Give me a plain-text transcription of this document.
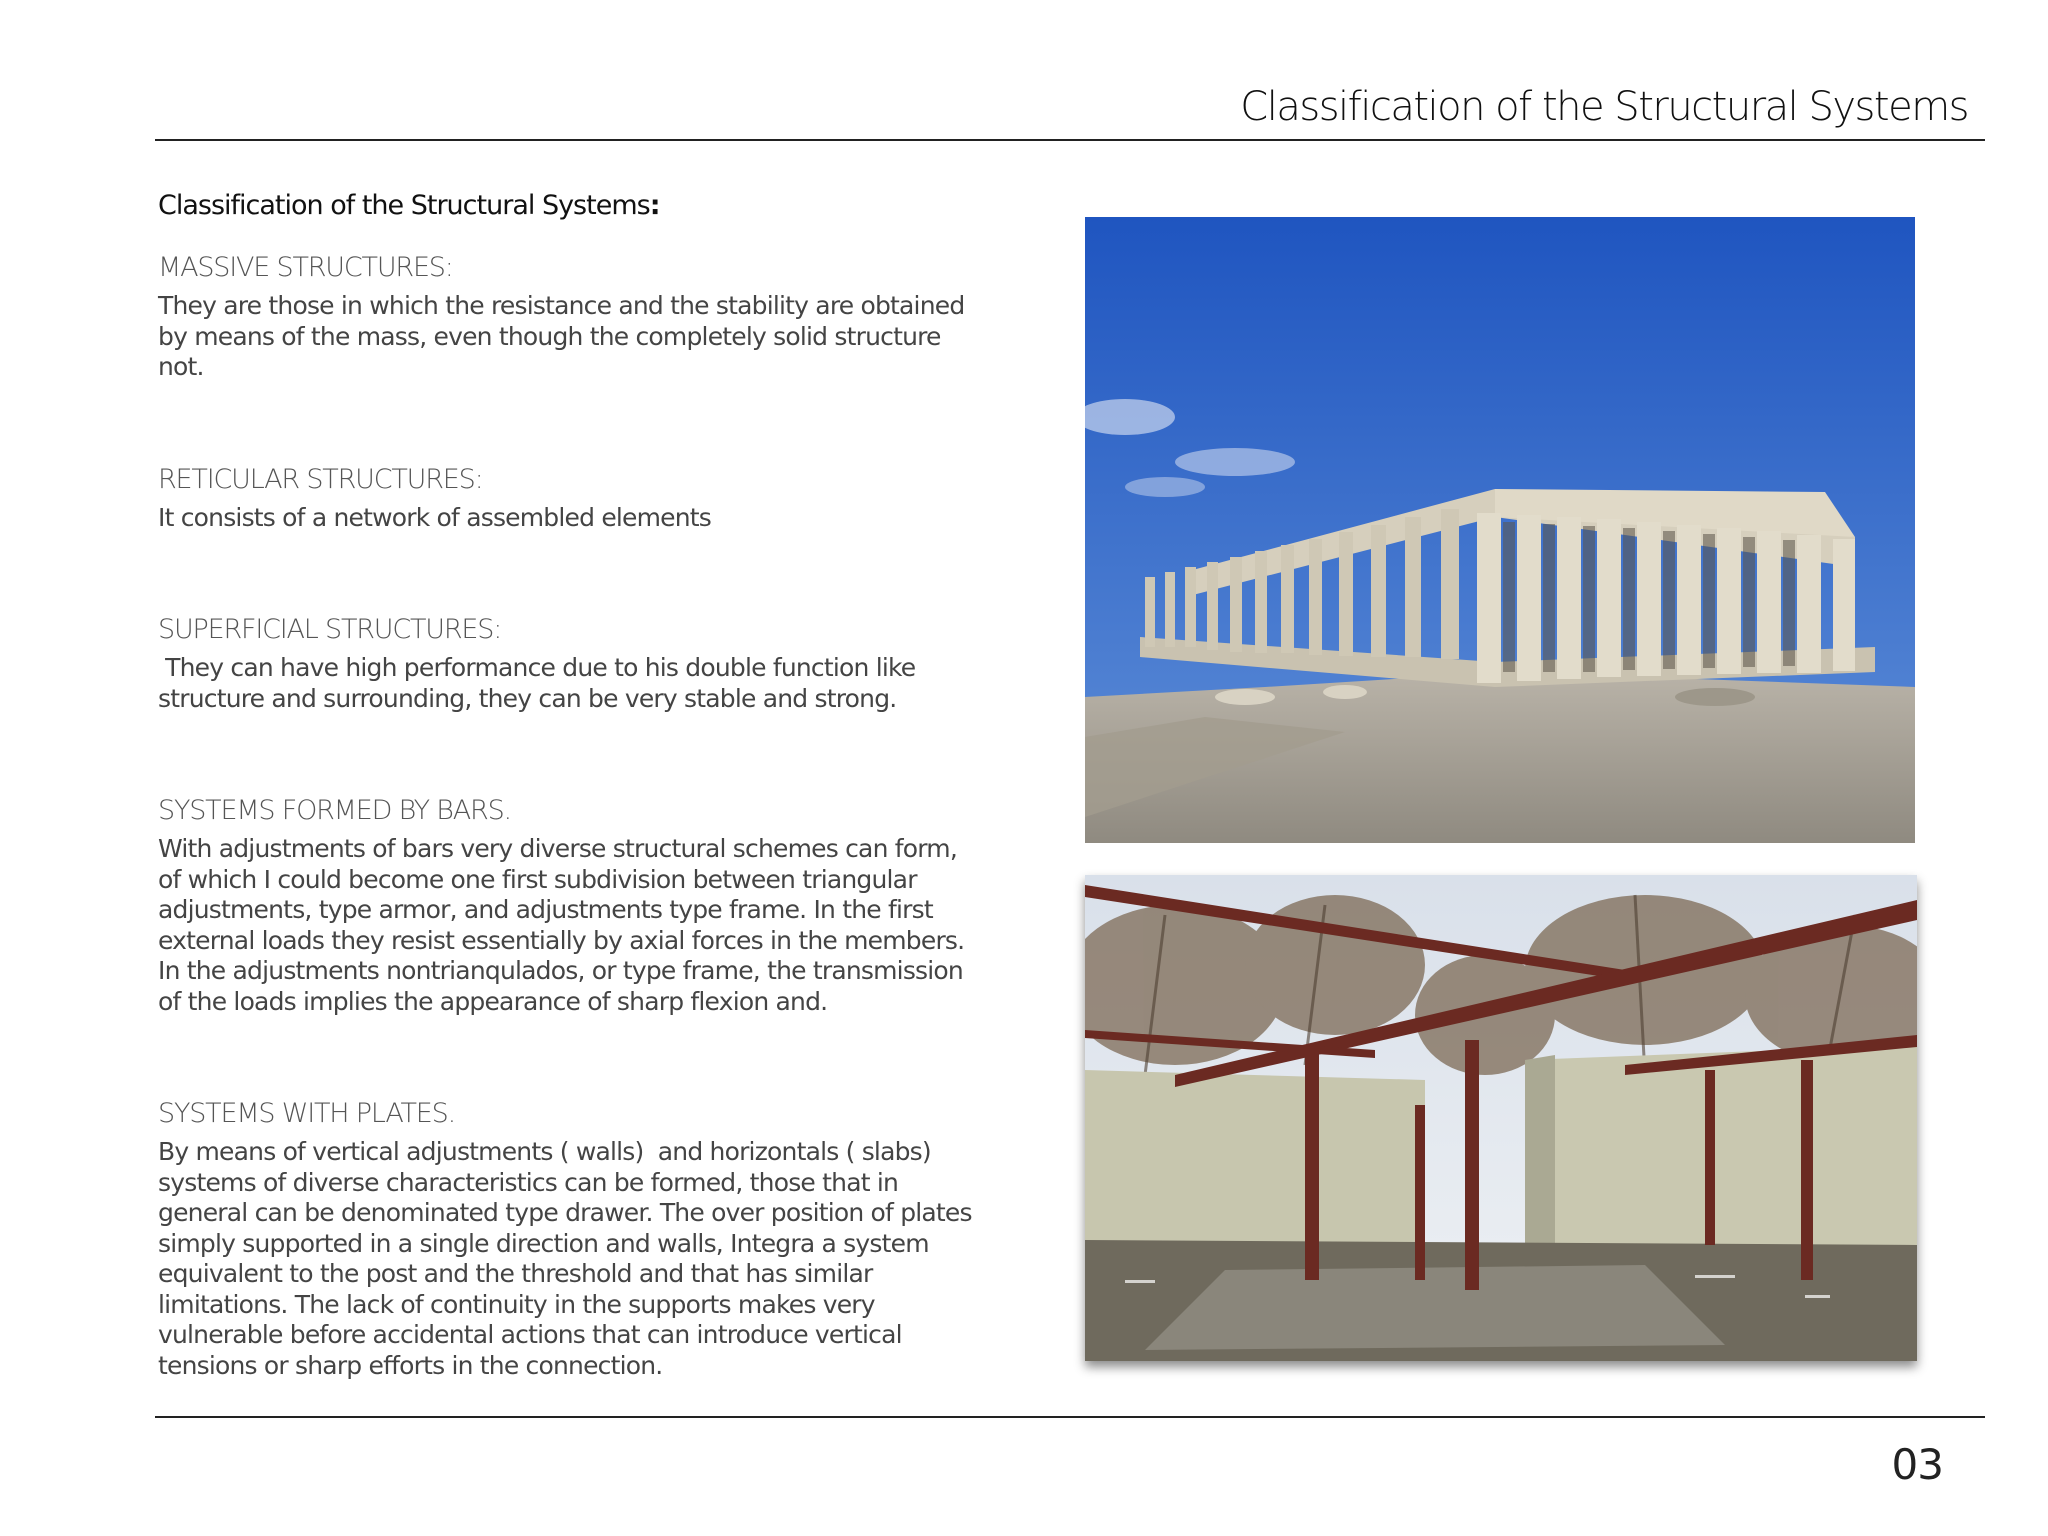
Classification of the Structural Systems
Classification of the Structural Systems:
MASSIVE STRUCTURES:

They are those in which the resistance and the stability are obtained by means of the mass, even though the completely solid structure not.

RETICULAR STRUCTURES:

It consists of a network of assembled elements

SUPERFICIAL STRUCTURES:

They can have high performance due to his double function like structure and surrounding, they can be very stable and strong.

SYSTEMS FORMED BY BARS.

With adjustments of bars very diverse structural schemes can form, of which I could become one first subdivision between triangular adjustments, type armor, and adjustments type frame. In the first external loads they resist essentially by axial forces in the members. In the adjustments nontrianqulados, or type frame, the transmission of the loads implies the appearance of sharp flexion and.

SYSTEMS WITH PLATES.

By means of vertical adjustments ( walls)  and horizontals ( slabs) systems of diverse characteristics can be formed, those that in general can be denominated type drawer. The over position of plates simply supported in a single direction and walls, Integra a system equivalent to the post and the threshold and that has similar limitations. The lack of continuity in the supports makes very vulnerable before accidental actions that can introduce vertical tensions or sharp efforts in the connection.

03
